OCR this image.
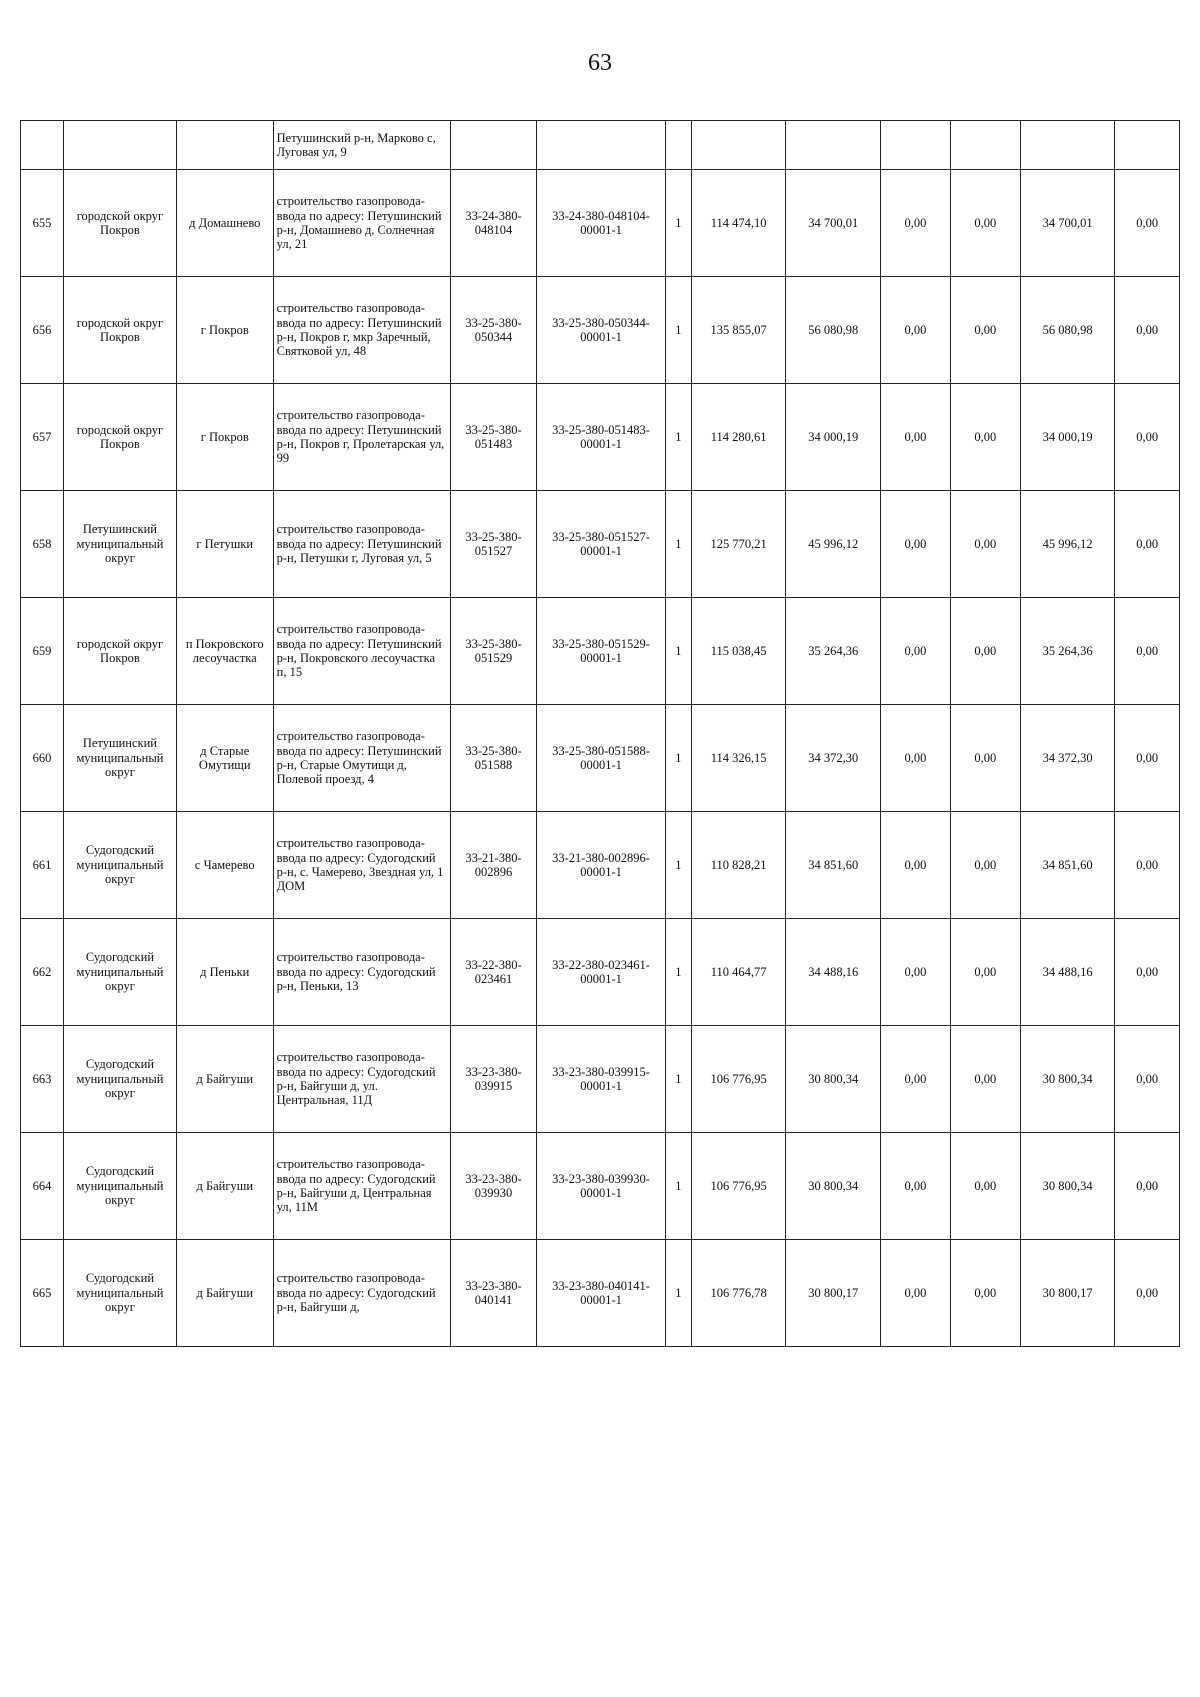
63
			Петушинский р-н, Марково с, Луговая ул, 9									
655	городской округ Покров	д Домашнево	строительство газопровода-ввода по адресу: Петушинский р-н, Домашнево д, Солнечная ул, 21	33-24-380-048104	33-24-380-048104-00001-1	1	114 474,10	34 700,01	0,00	0,00	34 700,01	0,00
656	городской округ Покров	г Покров	строительство газопровода-ввода по адресу: Петушинский р-н, Покров г, мкр Заречный, Святковой ул, 48	33-25-380-050344	33-25-380-050344-00001-1	1	135 855,07	56 080,98	0,00	0,00	56 080,98	0,00
657	городской округ Покров	г Покров	строительство газопровода-ввода по адресу: Петушинский р-н, Покров г, Пролетарская ул, 99	33-25-380-051483	33-25-380-051483-00001-1	1	114 280,61	34 000,19	0,00	0,00	34 000,19	0,00
658	Петушинский муниципальный округ	г Петушки	строительство газопровода-ввода по адресу: Петушинский р-н, Петушки г, Луговая ул, 5	33-25-380-051527	33-25-380-051527-00001-1	1	125 770,21	45 996,12	0,00	0,00	45 996,12	0,00
659	городской округ Покров	п Покровского лесоучастка	строительство газопровода-ввода по адресу: Петушинский р-н, Покровского лесоучастка п, 15	33-25-380-051529	33-25-380-051529-00001-1	1	115 038,45	35 264,36	0,00	0,00	35 264,36	0,00
660	Петушинский муниципальный округ	д Старые Омутищи	строительство газопровода-ввода по адресу: Петушинский р-н, Старые Омутищи д, Полевой проезд, 4	33-25-380-051588	33-25-380-051588-00001-1	1	114 326,15	34 372,30	0,00	0,00	34 372,30	0,00
661	Судогодский муниципальный округ	с Чамерево	строительство газопровода-ввода по адресу: Судогодский р-н, с. Чамерево, Звездная ул, 1 ДОМ	33-21-380-002896	33-21-380-002896-00001-1	1	110 828,21	34 851,60	0,00	0,00	34 851,60	0,00
662	Судогодский муниципальный округ	д Пеньки	строительство газопровода-ввода по адресу: Судогодский р-н, Пеньки, 13	33-22-380-023461	33-22-380-023461-00001-1	1	110 464,77	34 488,16	0,00	0,00	34 488,16	0,00
663	Судогодский муниципальный округ	д Байгуши	строительство газопровода-ввода по адресу: Судогодский р-н, Байгуши д, ул. Центральная, 11Д	33-23-380-039915	33-23-380-039915-00001-1	1	106 776,95	30 800,34	0,00	0,00	30 800,34	0,00
664	Судогодский муниципальный округ	д Байгуши	строительство газопровода-ввода по адресу: Судогодский р-н, Байгуши д, Центральная ул, 11М	33-23-380-039930	33-23-380-039930-00001-1	1	106 776,95	30 800,34	0,00	0,00	30 800,34	0,00
665	Судогодский муниципальный округ	д Байгуши	строительство газопровода-ввода по адресу: Судогодский р-н, Байгуши д,	33-23-380-040141	33-23-380-040141-00001-1	1	106 776,78	30 800,17	0,00	0,00	30 800,17	0,00
